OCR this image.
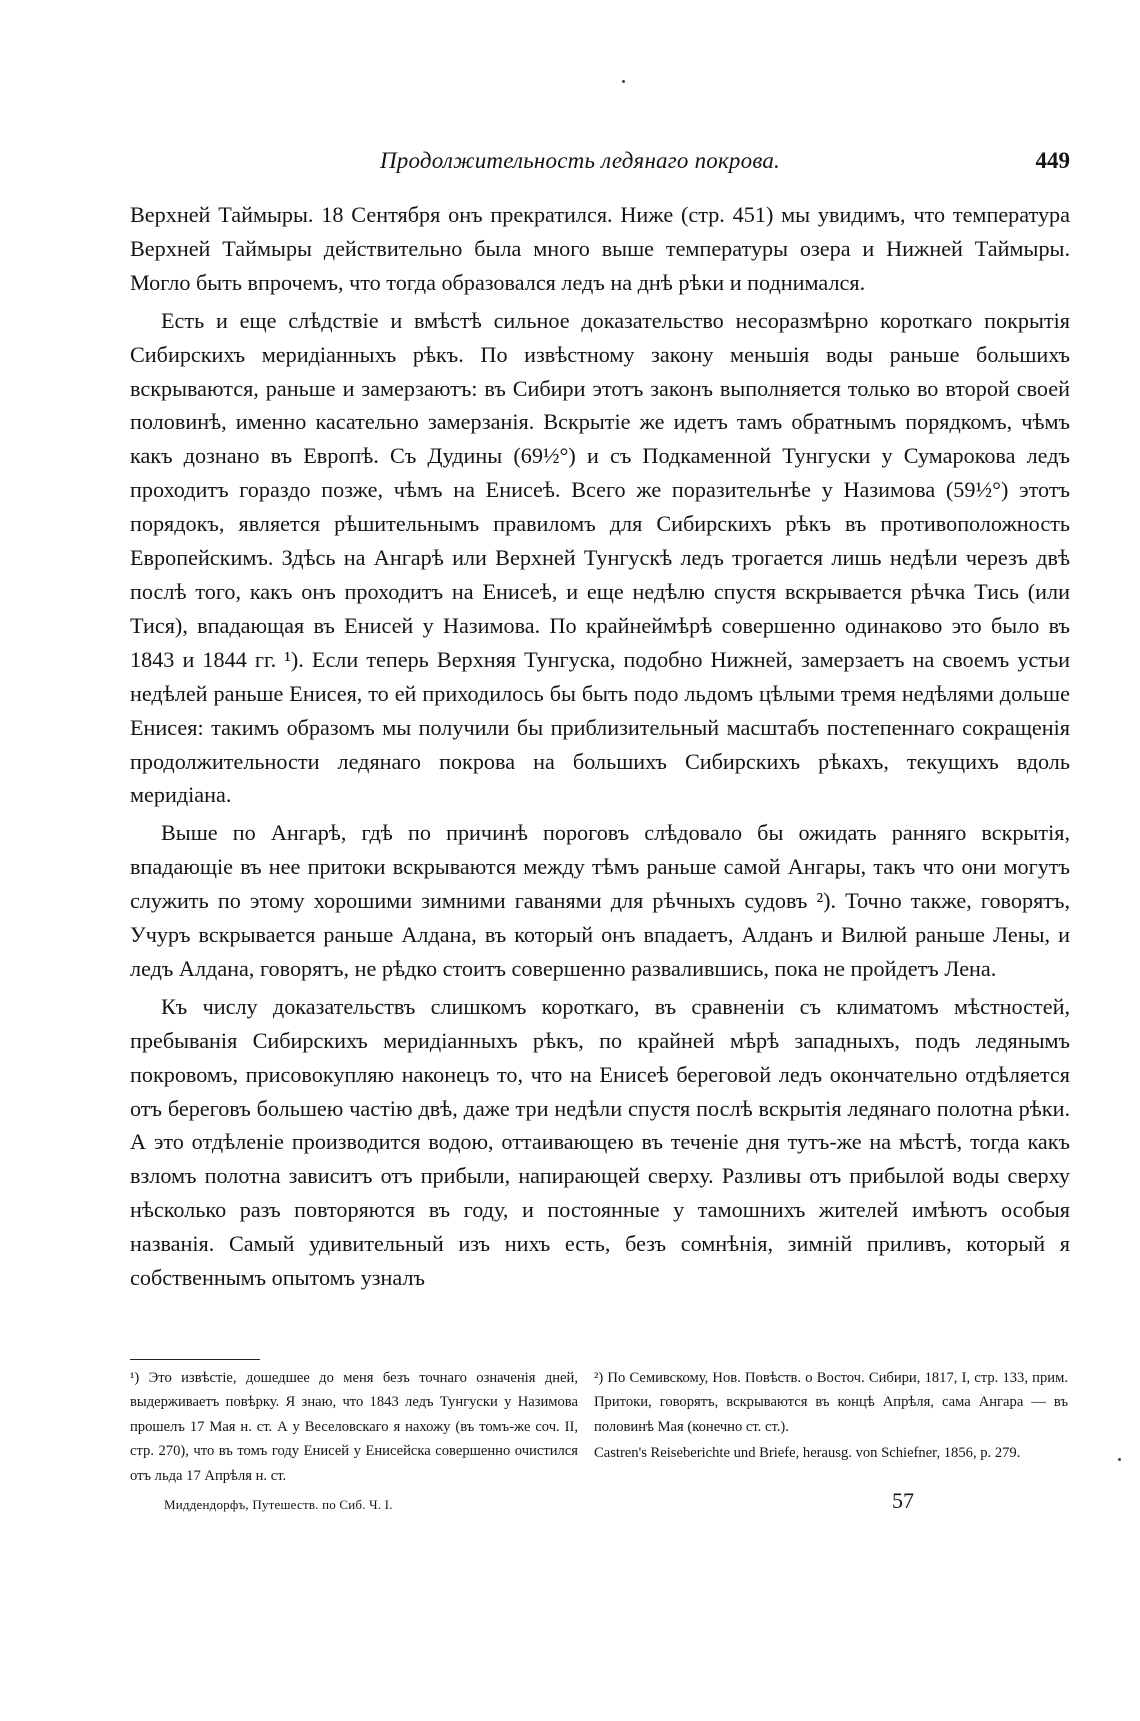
Продолжительность ледянаго покрова.	449

Верхней Таймыры. 18 Сентября онъ прекратился. Ниже (стр. 451) мы увидимъ, что температура Верхней Таймыры действительно была много выше температуры озера и Нижней Таймыры. Могло быть впрочемъ, что тогда образовался ледъ на днѣ рѣки и поднимался.

Есть и еще слѣдствіе и вмѣстѣ сильное доказательство несоразмѣрно короткаго покрытія Сибирскихъ меридіанныхъ рѣкъ. По извѣстному закону меньшія воды раньше большихъ вскрываются, раньше и замерзаютъ: въ Сибири этотъ законъ выполняется только во второй своей половинѣ, именно касательно замерзанія. Вскрытіе же идетъ тамъ обратнымъ порядкомъ, чѣмъ какъ дознано въ Европѣ. Съ Дудины (69½°) и съ Подкаменной Тунгуски у Сумарокова ледъ проходитъ гораздо позже, чѣмъ на Енисеѣ. Всего же поразительнѣе у Назимова (59½°) этотъ порядокъ, является рѣшительнымъ правиломъ для Сибирскихъ рѣкъ въ противоположность Европейскимъ. Здѣсь на Ангарѣ или Верхней Тунгускѣ ледъ трогается лишь недѣли черезъ двѣ послѣ того, какъ онъ проходитъ на Енисеѣ, и еще недѣлю спустя вскрывается рѣчка Тись (или Тися), впадающая въ Енисей у Назимова. По крайнеймѣрѣ совершенно одинаково это было въ 1843 и 1844 гг. ¹). Если теперь Верхняя Тунгуска, подобно Нижней, замерзаетъ на своемъ устьи недѣлей раньше Енисея, то ей приходилось бы быть подо льдомъ цѣлыми тремя недѣлями дольше Енисея: такимъ образомъ мы получили бы приблизительный масштабъ постепеннаго сокращенія продолжительности ледянаго покрова на большихъ Сибирскихъ рѣкахъ, текущихъ вдоль меридіана.

Выше по Ангарѣ, гдѣ по причинѣ пороговъ слѣдовало бы ожидать ранняго вскрытія, впадающіе въ нее притоки вскрываются между тѣмъ раньше самой Ангары, такъ что они могутъ служить по этому хорошими зимними гаванями для рѣчныхъ судовъ ²). Точно также, говорятъ, Учуръ вскрывается раньше Алдана, въ который онъ впадаетъ, Алданъ и Вилюй раньше Лены, и ледъ Алдана, говорятъ, не рѣдко стоитъ совершенно развалившись, пока не пройдетъ Лена.

Къ числу доказательствъ слишкомъ короткаго, въ сравненіи съ климатомъ мѣстностей, пребыванія Сибирскихъ меридіанныхъ рѣкъ, по крайней мѣрѣ западныхъ, подъ ледянымъ покровомъ, присовокупляю наконецъ то, что на Енисеѣ береговой ледъ окончательно отдѣляется отъ береговъ большею частію двѣ, даже три недѣли спустя послѣ вскрытія ледянаго полотна рѣки. А это отдѣленіе производится водою, оттаивающею въ теченіе дня тутъ-же на мѣстѣ, тогда какъ взломъ полотна зависитъ отъ прибыли, напирающей сверху. Разливы отъ прибылой воды сверху нѣсколько разъ повторяются въ году, и постоянные у тамошнихъ жителей имѣютъ особыя названія. Самый удивительный изъ нихъ есть, безъ сомнѣнія, зимній приливъ, который я собственнымъ опытомъ узналъ

¹) Это извѣстіе, дошедшее до меня безъ точнаго означенія дней, выдерживаетъ повѣрку. Я знаю, что 1843 ледъ Тунгуски у Назимова прошелъ 17 Мая н. ст. А у Веселовскаго я нахожу (въ томъ-же соч. II, стр. 270), что въ томъ году Енисей у Енисейска совершенно очистился отъ льда 17 Апрѣля н. ст.

²) По Семивскому, Нов. Повѣств. о Восточ. Сибири, 1817, I, стр. 133, прим. Притоки, говорятъ, вскрываются въ концѣ Апрѣля, сама Ангара — въ половинѣ Мая (конечно ст. ст.).

Castren's Reiseberichte und Briefe, herausg. von Schiefner, 1856, p. 279.

Миддендорфъ, Путешеств. по Сиб. Ч. I.	57
